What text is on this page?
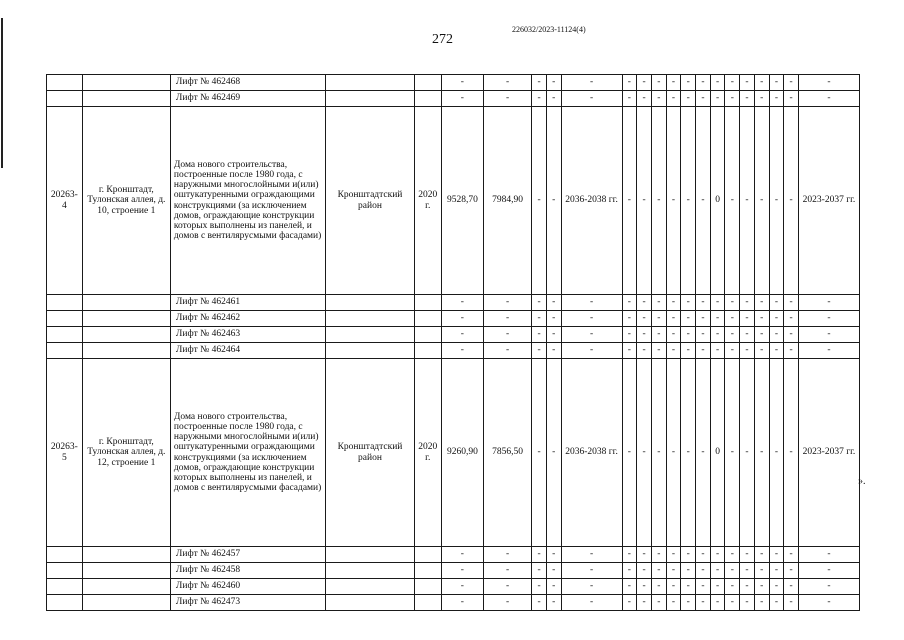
226032/2023-11124(4)
272
		Лифт № 462468			-	-	-	-	-	-	-	-	-	-	-	-	-	-	-	-	-	-
		Лифт № 462469			-	-	-	-	-	-	-	-	-	-	-	-	-	-	-	-	-	-
20263-4	г. Кронштадт, Тулонская аллея, д. 10, строение 1	Дома нового строительства, построенные после 1980 года, с наружными многослойными и(или) оштукатуренными ограждающими конструкциями (за исключением домов, ограждающие конструкции которых выполнены из панелей, и домов с вентилярусмыми фасадами)	Кронштадтский район	2020 г.	9528,70	7984,90	-	-	2036-2038 гг.	-	-	-	-	-	-	0	-	-	-	-	-	2023-2037 гг.
		Лифт № 462461			-	-	-	-	-	-	-	-	-	-	-	-	-	-	-	-	-	-
		Лифт № 462462			-	-	-	-	-	-	-	-	-	-	-	-	-	-	-	-	-	-
		Лифт № 462463			-	-	-	-	-	-	-	-	-	-	-	-	-	-	-	-	-	-
		Лифт № 462464			-	-	-	-	-	-	-	-	-	-	-	-	-	-	-	-	-	-
20263-5	г. Кронштадт, Тулонская аллея, д. 12, строение 1	Дома нового строительства, построенные после 1980 года, с наружными многослойными и(или) оштукатуренными ограждающими конструкциями (за исключением домов, ограждающие конструкции которых выполнены из панелей, и домов с вентилярусмыми фасадами)	Кронштадтский район	2020 г.	9260,90	7856,50	-	-	2036-2038 гг.	-	-	-	-	-	-	0	-	-	-	-	-	2023-2037 гг.
		Лифт № 462457			-	-	-	-	-	-	-	-	-	-	-	-	-	-	-	-	-	-
		Лифт № 462458			-	-	-	-	-	-	-	-	-	-	-	-	-	-	-	-	-	-
		Лифт № 462460			-	-	-	-	-	-	-	-	-	-	-	-	-	-	-	-	-	-
		Лифт № 462473			-	-	-	-	-	-	-	-	-	-	-	-	-	-	-	-	-	-
».
